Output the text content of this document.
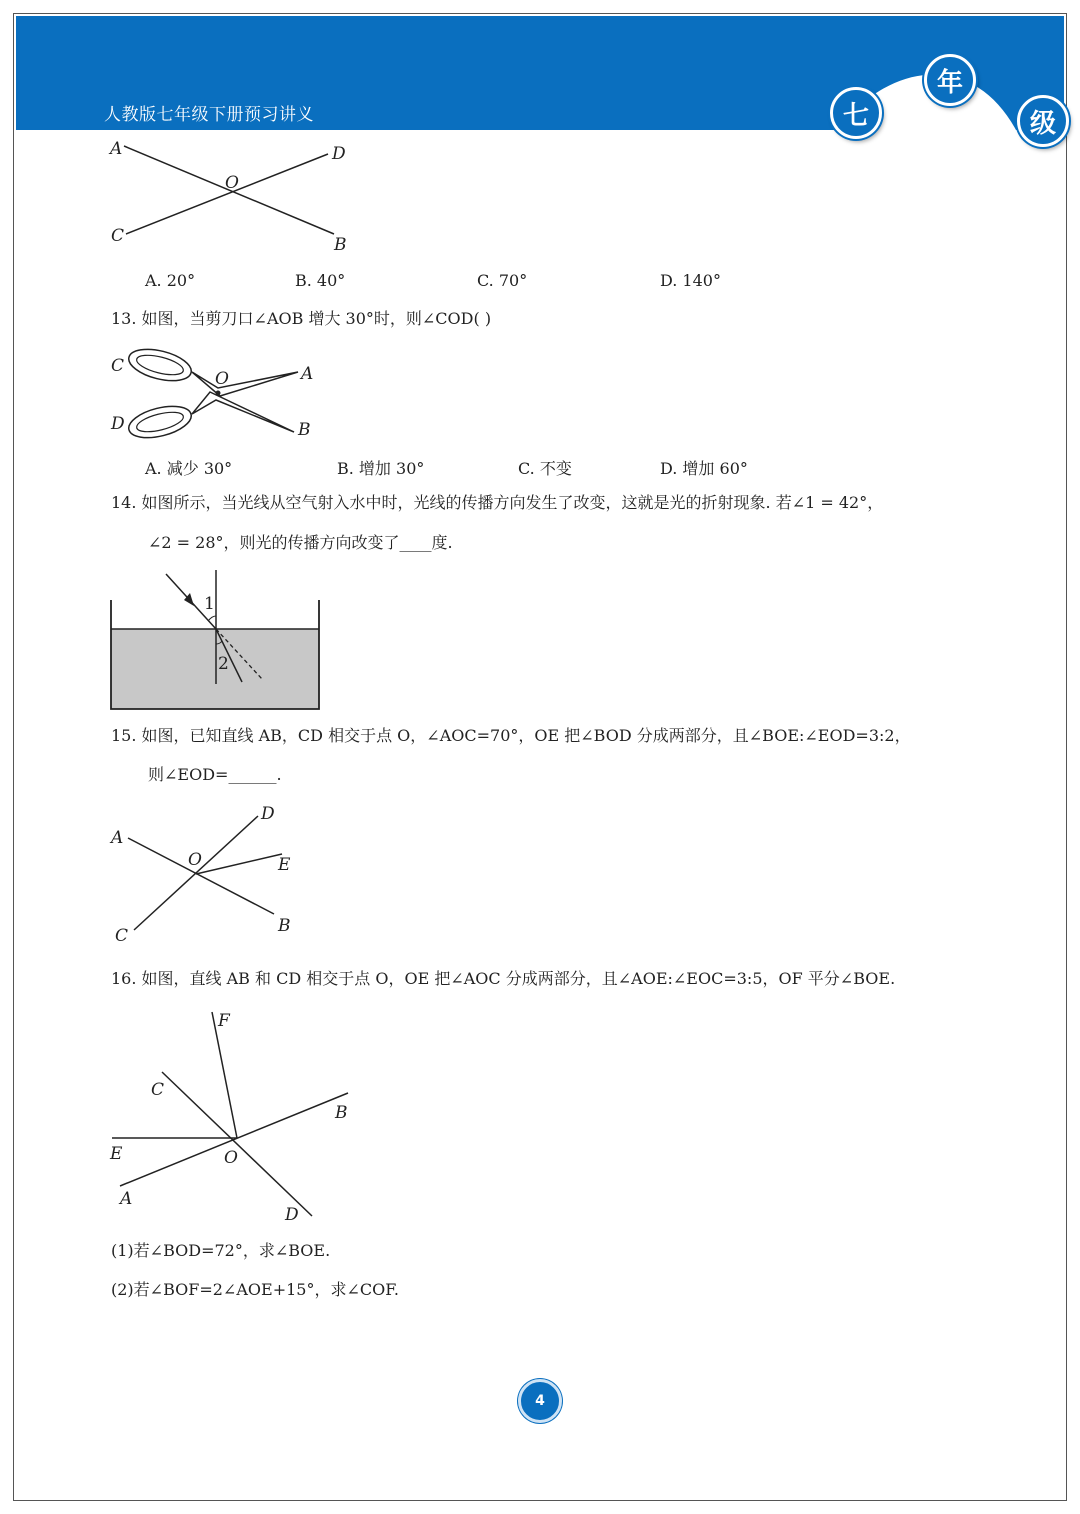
人教版七年级下册预习讲义	七
年
级
A	D
O
C	B
A. 20°	B. 40°	C. 70°	D. 140°
13. 如图，当剪刀口∠AOB 增大 30°时，则∠COD( )
C
O	A
D	B
A. 减少 30°	B. 增加 30°	C. 不变	D. 增加 60°
14. 如图所示，当光线从空气射入水中时，光线的传播方向发生了改变，这就是光的折射现象. 若∠1 = 42°，
∠2 = 28°，则光的传播方向改变了____度.
1
2
15. 如图，已知直线 AB，CD 相交于点 O，∠AOC=70°，OE 把∠BOD 分成两部分，且∠BOE:∠EOD=3:2，
则∠EOD=______.
A
D
O	E
C	B
16. 如图，直线 AB 和 CD 相交于点 O，OE 把∠AOC 分成两部分，且∠AOE:∠EOC=3:5，OF 平分∠BOE.
F
C
B
E	O
A
D
(1)若∠BOD=72°，求∠BOE.
(2)若∠BOF=2∠AOE+15°，求∠COF.
4
